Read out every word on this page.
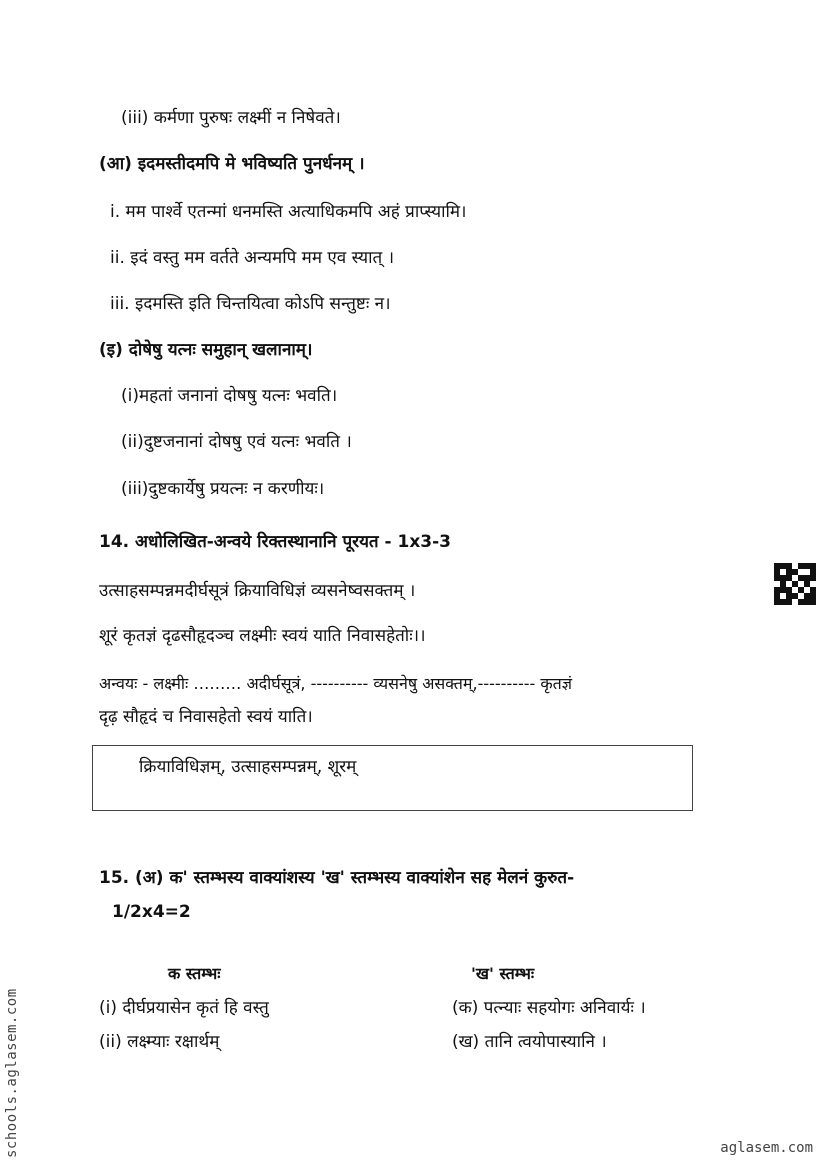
(iii) कर्मणा पुरुषः लक्ष्मीं न निषेवते।
(आ) इदमस्तीदमपि मे भविष्यति पुनर्धनम् ।
i. मम पार्श्वे एतन्मां धनमस्ति अत्याधिकमपि अहं प्राप्स्यामि।
ii. इदं वस्तु मम वर्तते अन्यमपि मम एव स्यात् ।
iii. इदमस्ति इति चिन्तयित्वा कोऽपि सन्तुष्टः न।
(इ) दोषेषु यत्नः समुहान् खलानाम्।
(i)महतां जनानां दोषषु यत्नः भवति।
(ii)दुष्टजनानां दोषषु एवं यत्नः भवति ।
(iii)दुष्टकार्येषु प्रयत्नः न करणीयः।
14. अधोलिखित-अन्वये रिक्तस्थानानि पूरयत - 1x3-3
उत्साहसम्पन्नमदीर्घसूत्रं क्रियाविधिज्ञं व्यसनेष्वसक्तम् ।
शूरं कृतज्ञं दृढसौहृदञ्च लक्ष्मीः स्वयं याति निवासहेतोः।।
अन्वयः - लक्ष्मीः ……… अदीर्घसूत्रं, ---------- व्यसनेषु असक्तम्,---------- कृतज्ञं
दृढ़ सौहृदं च निवासहेतो स्वयं याति।
क्रियाविधिज्ञम्, उत्साहसम्पन्नम्, शूरम्
15. (अ) क' स्तम्भस्य वाक्यांशस्य 'ख' स्तम्भस्य वाक्यांशेन सह मेलनं कुरुत-
1/2x4=2
क स्तम्भः	'ख' स्तम्भः
(i) दीर्घप्रयासेन कृतं हि वस्तु	(क) पत्न्याः सहयोगः अनिवार्यः ।
(ii) लक्ष्म्याः रक्षार्थम्	(ख) तानि त्वयोपास्यानि ।
schools.aglasem.com	aglasem.com
